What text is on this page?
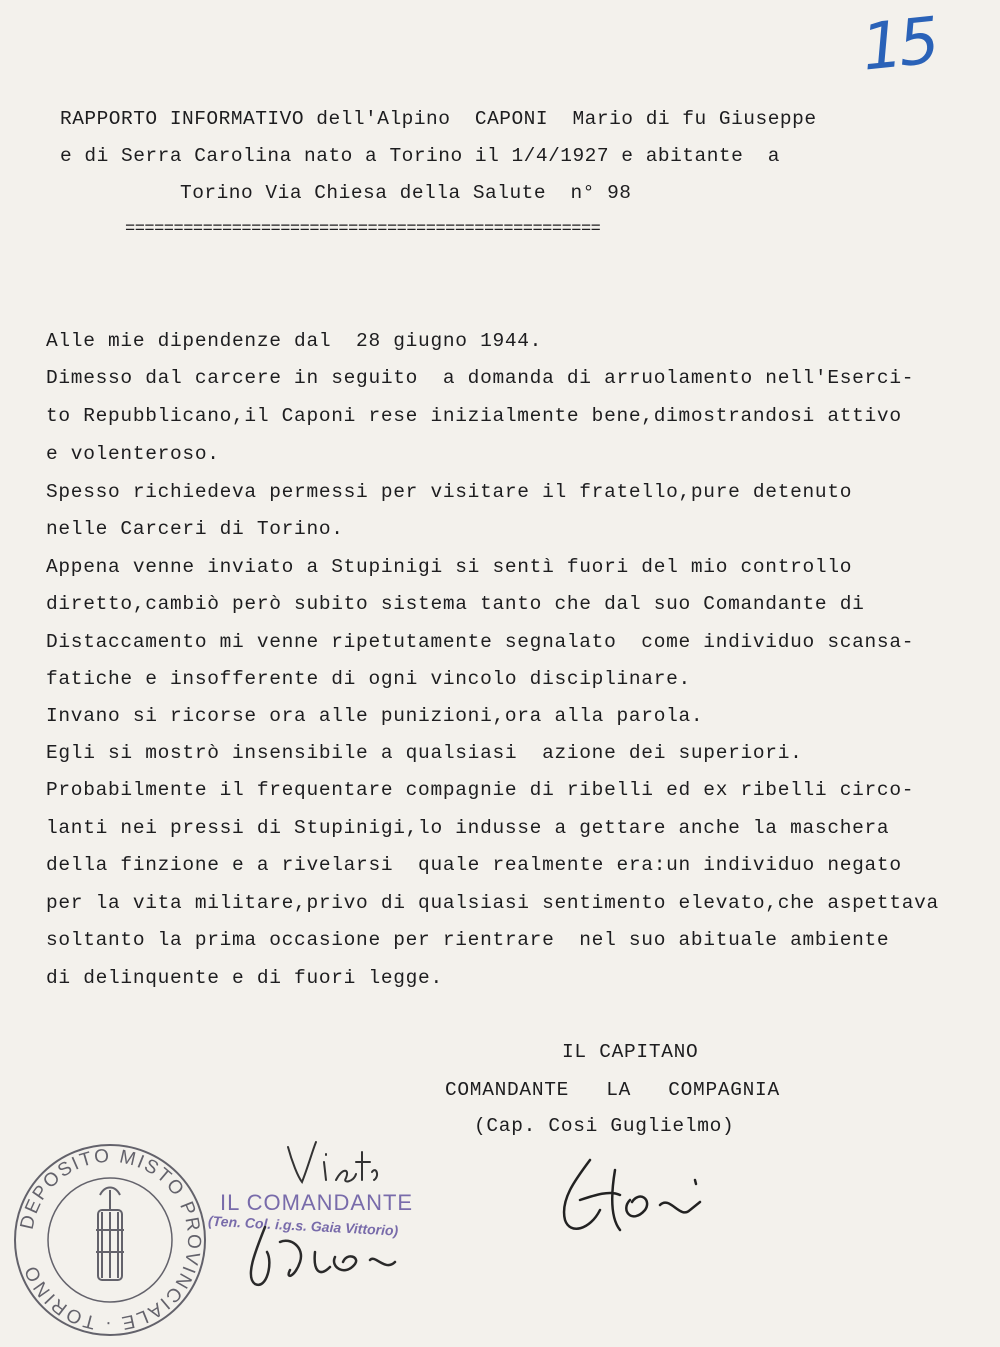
15
RAPPORTO INFORMATIVO dell'Alpino  CAPONI  Mario di fu Giuseppe
e di Serra Carolina nato a Torino il 1/4/1927 e abitante  a
Torino Via Chiesa della Salute  n° 98
=================================================
Alle mie dipendenze dal  28 giugno 1944.
Dimesso dal carcere in seguito  a domanda di arruolamento nell'Eserci-
to Repubblicano,il Caponi rese inizialmente bene,dimostrandosi attivo
e volenteroso.
Spesso richiedeva permessi per visitare il fratello,pure detenuto
nelle Carceri di Torino.
Appena venne inviato a Stupinigi si sentì fuori del mio controllo
diretto,cambiò però subito sistema tanto che dal suo Comandante di
Distaccamento mi venne ripetutamente segnalato  come individuo scansa-
fatiche e insofferente di ogni vincolo disciplinare.
Invano si ricorse ora alle punizioni,ora alla parola.
Egli si mostrò insensibile a qualsiasi  azione dei superiori.
Probabilmente il frequentare compagnie di ribelli ed ex ribelli circo-
lanti nei pressi di Stupinigi,lo indusse a gettare anche la maschera
della finzione e a rivelarsi  quale realmente era:un individuo negato
per la vita militare,privo di qualsiasi sentimento elevato,che aspettava
soltanto la prima occasione per rientrare  nel suo abituale ambiente
di delinquente e di fuori legge.
IL CAPITANO
COMANDANTE   LA   COMPAGNIA
(Cap. Cosi Guglielmo)
DEPOSITO MISTO PROVINCIALE · TORINO
IL COMANDANTE
(Ten. Col. i.g.s. Gaia Vittorio)
